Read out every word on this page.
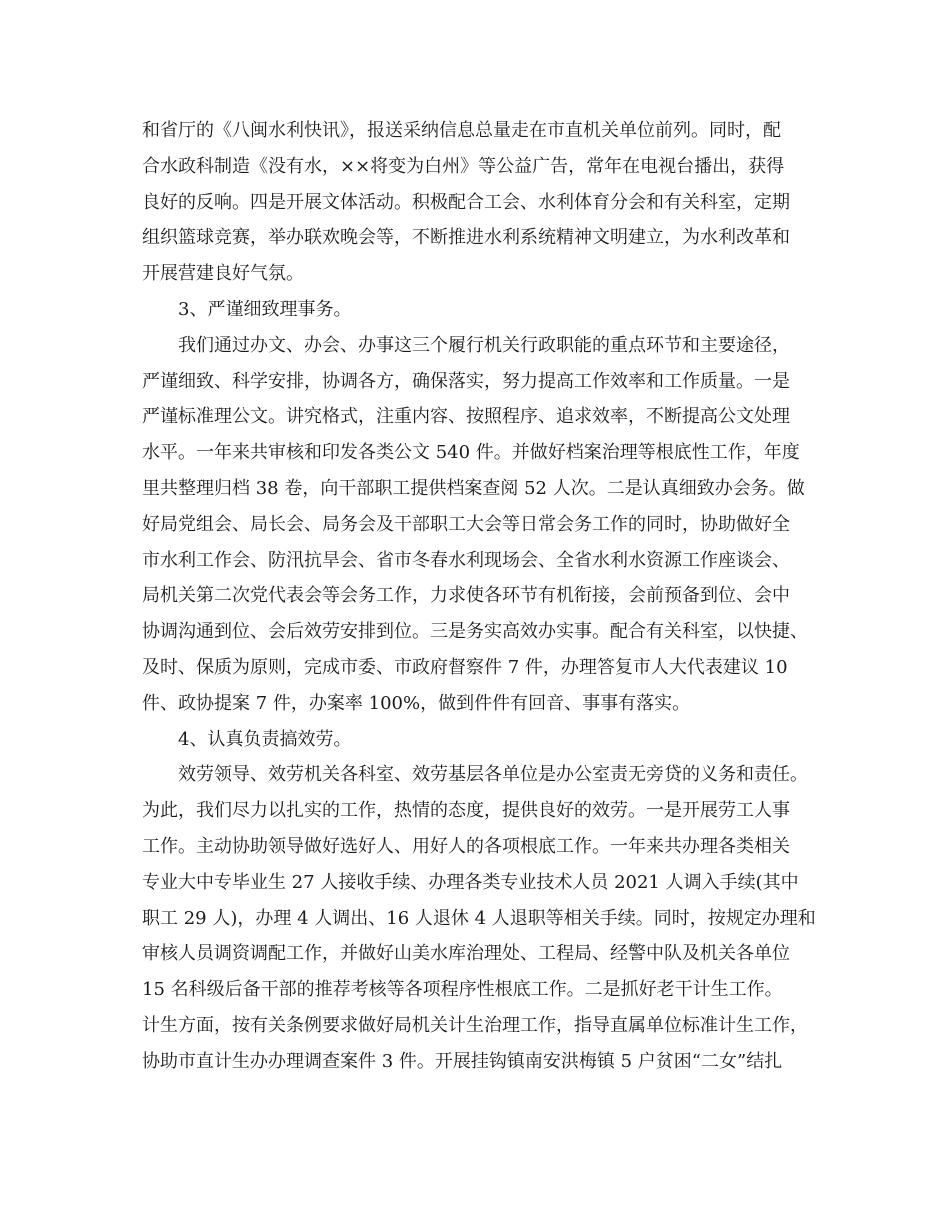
和省厅的《八闽水利快讯》，报送采纳信息总量走在市直机关单位前列。同时，配
合水政科制造《没有水，××将变为白州》等公益广告，常年在电视台播出，获得
良好的反响。四是开展文体活动。积极配合工会、水利体育分会和有关科室，定期
组织篮球竞赛，举办联欢晚会等，不断推进水利系统精神文明建立，为水利改革和
开展营建良好气氛。
3、严谨细致理事务。
我们通过办文、办会、办事这三个履行机关行政职能的重点环节和主要途径，
严谨细致、科学安排，协调各方，确保落实，努力提高工作效率和工作质量。一是
严谨标准理公文。讲究格式，注重内容、按照程序、追求效率，不断提高公文处理
水平。一年来共审核和印发各类公文 540 件。并做好档案治理等根底性工作，年度
里共整理归档 38 卷，向干部职工提供档案查阅 52 人次。二是认真细致办会务。做
好局党组会、局长会、局务会及干部职工大会等日常会务工作的同时，协助做好全
市水利工作会、防汛抗旱会、省市冬春水利现场会、全省水利水资源工作座谈会、
局机关第二次党代表会等会务工作，力求使各环节有机衔接，会前预备到位、会中
协调沟通到位、会后效劳安排到位。三是务实高效办实事。配合有关科室，以快捷、
及时、保质为原则，完成市委、市政府督察件 7 件，办理答复市人大代表建议 10
件、政协提案 7 件，办案率 100%，做到件件有回音、事事有落实。
4、认真负责搞效劳。
效劳领导、效劳机关各科室、效劳基层各单位是办公室责无旁贷的义务和责任。
为此，我们尽力以扎实的工作，热情的态度，提供良好的效劳。一是开展劳工人事
工作。主动协助领导做好选好人、用好人的各项根底工作。一年来共办理各类相关
专业大中专毕业生 27 人接收手续、办理各类专业技术人员 2021 人调入手续(其中
职工 29 人)，办理 4 人调出、16 人退休 4 人退职等相关手续。同时，按规定办理和
审核人员调资调配工作，并做好山美水库治理处、工程局、经警中队及机关各单位
15 名科级后备干部的推荐考核等各项程序性根底工作。二是抓好老干计生工作。
计生方面，按有关条例要求做好局机关计生治理工作，指导直属单位标准计生工作，
协助市直计生办办理调查案件 3 件。开展挂钩镇南安洪梅镇 5 户贫困“二女”结扎
